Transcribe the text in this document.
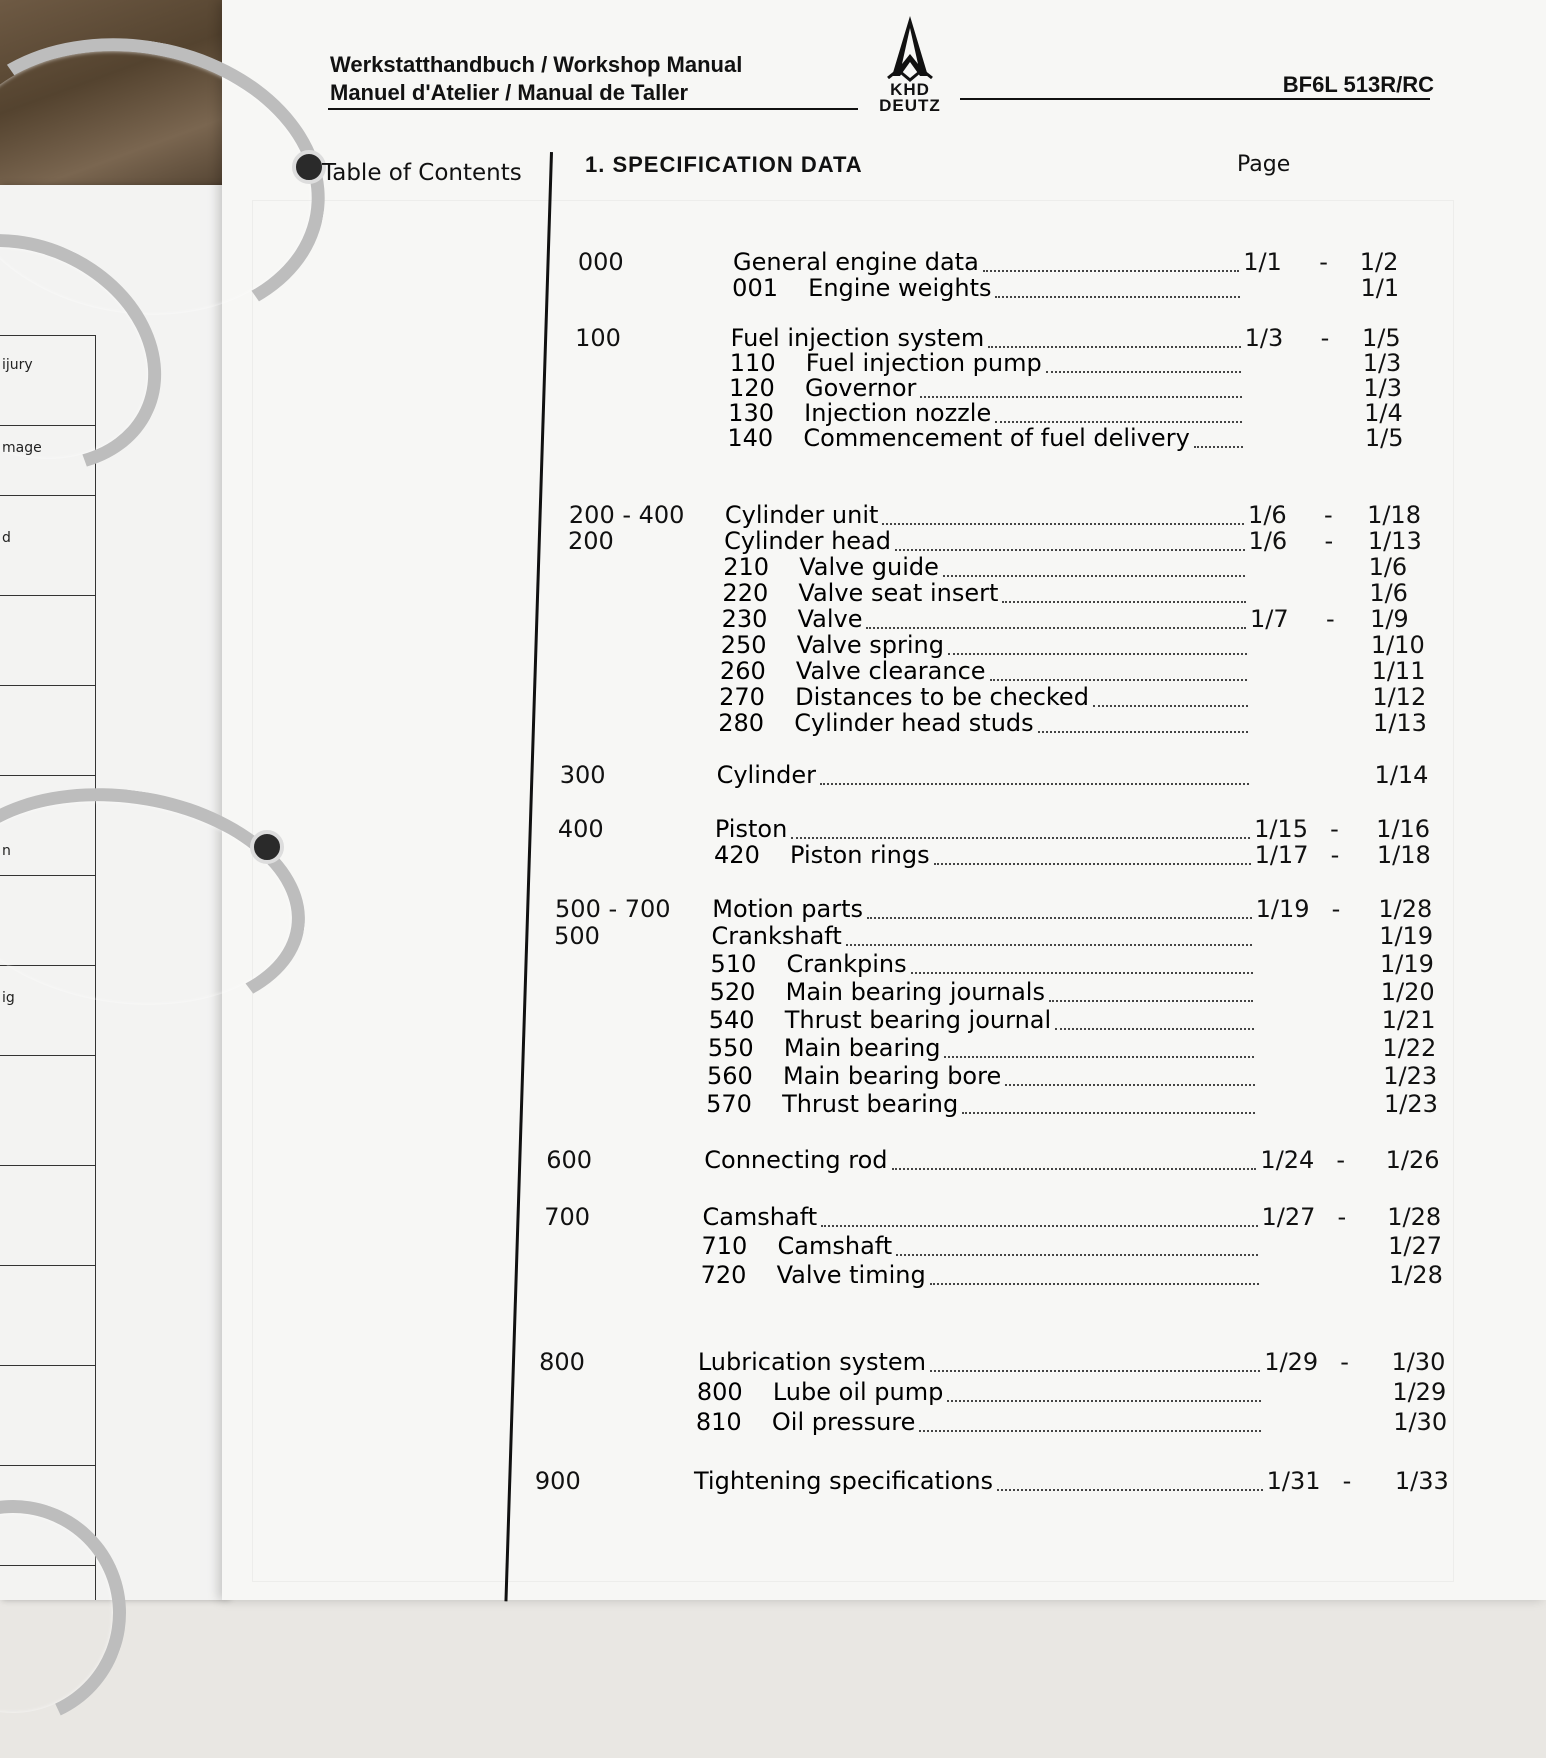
ijury
mage
d
n
ig
Werkstatthandbuch / Workshop Manual
Manuel d'Atelier / Manual de Taller	KHD
DEUTZ
BF6L 513R/RC
Table of Contents	1. SPECIFICATION DATA	Page
000	General engine data	1/1 - 1/2
001 Engine weights	1/1
100	Fuel injection system	1/3 - 1/5
110 Fuel injection pump	1/3
120 Governor	1/3
130 Injection nozzle	1/4
140 Commencement of fuel delivery	1/5
200 - 400 Cylinder unit	1/6 - 1/18
200	Cylinder head	1/6 - 1/13
210 Valve guide	1/6
220 Valve seat insert	1/6
230 Valve	1/7 - 1/9
250 Valve spring	1/10
260 Valve clearance	1/11
270 Distances to be checked	1/12
280 Cylinder head studs	1/13
300	Cylinder	1/14
400	Piston	1/15 - 1/16
420 Piston rings	1/17 - 1/18
500 - 700 Motion parts	1/19 - 1/28
500	Crankshaft	1/19
510 Crankpins	1/19
520 Main bearing journals	1/20
540 Thrust bearing journal	1/21
550 Main bearing	1/22
560 Main bearing bore	1/23
570 Thrust bearing	1/23
600	Connecting rod	1/24 - 1/26
700	Camshaft	1/27 - 1/28
710 Camshaft	1/27
720 Valve timing	1/28
800	Lubrication system	1/29 - 1/30
800 Lube oil pump	1/29
810 Oil pressure	1/30
900	Tightening specifications	1/31 - 1/33
